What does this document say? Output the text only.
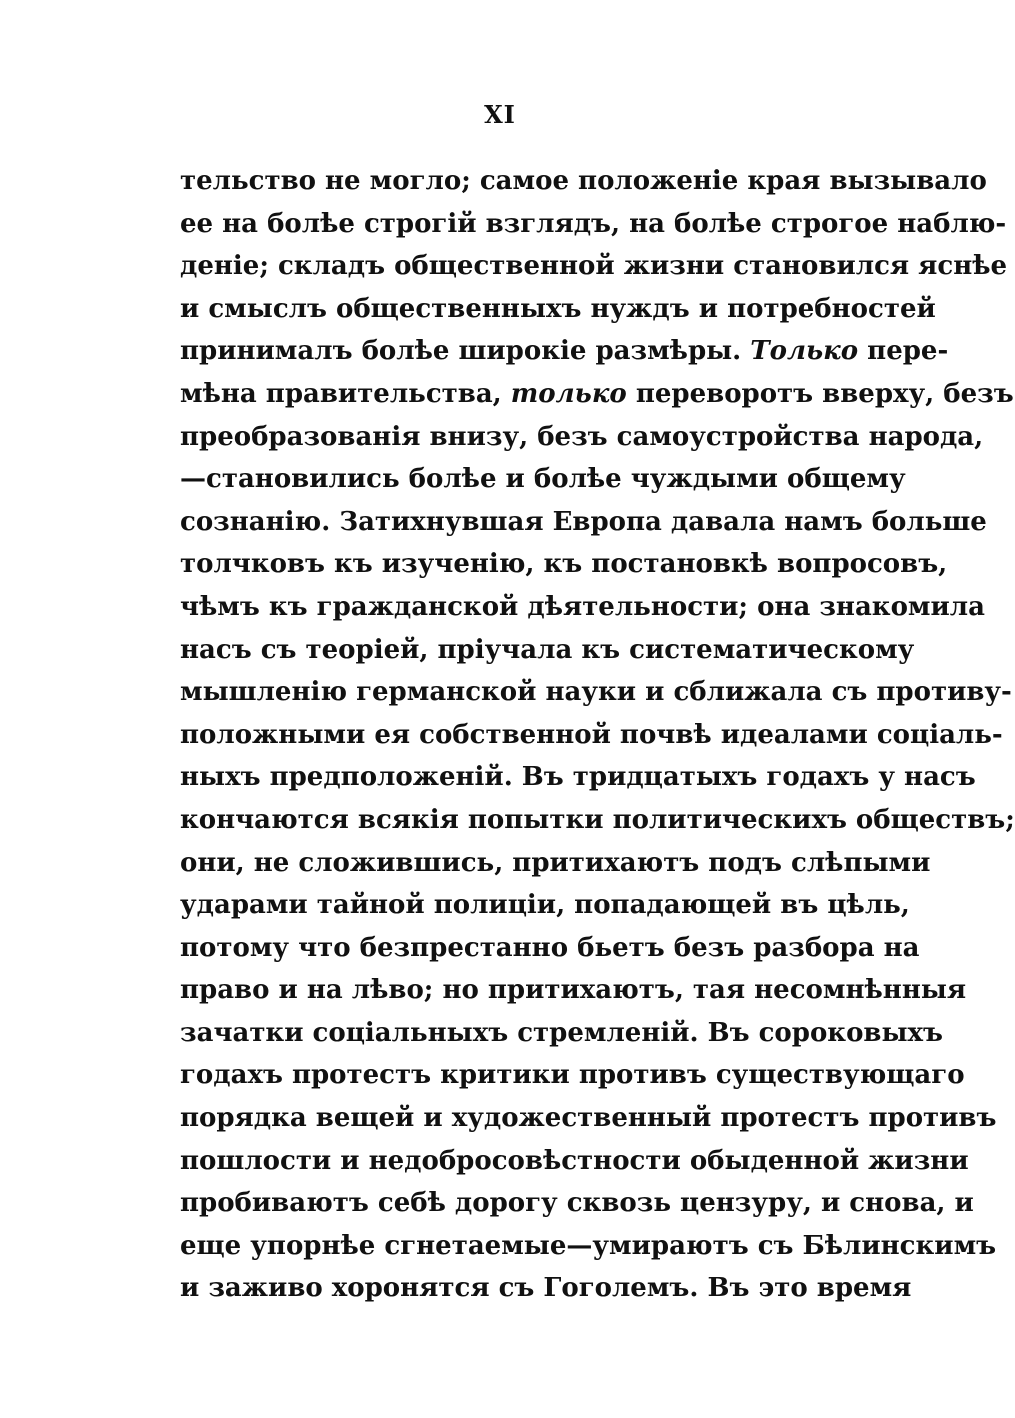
XI
тельство не могло; самое положеніе края вызывало
ее на болѣе строгій взглядъ, на болѣе строгое наблю-
деніе; складъ общественной жизни становился яснѣе
и смыслъ общественныхъ нуждъ и потребностей
принималъ болѣе широкіе размѣры. Только пере-
мѣна правительства, только переворотъ вверху, безъ
преобразованія внизу, безъ самоустройства народа,
—становились болѣе и болѣе чуждыми общему
сознанію. Затихнувшая Европа давала намъ больше
толчковъ къ изученію, къ постановкѣ вопросовъ,
чѣмъ къ гражданской дѣятельности; она знакомила
насъ съ теоріей, пріучала къ систематическому
мышленію германской науки и сближала съ противу-
положными ея собственной почвѣ идеалами соціаль-
ныхъ предположеній. Въ тридцатыхъ годахъ у насъ
кончаются всякія попытки политическихъ обществъ;
они, не сложившись, притихаютъ подъ слѣпыми
ударами тайной полиціи, попадающей въ цѣль,
потому что безпрестанно бьетъ безъ разбора на
право и на лѣво; но притихаютъ, тая несомнѣнныя
зачатки соціальныхъ стремленій. Въ сороковыхъ
годахъ протестъ критики противъ существующаго
порядка вещей и художественный протестъ противъ
пошлости и недобросовѣстности обыденной жизни
пробиваютъ себѣ дорогу сквозь цензуру, и снова, и
еще упорнѣе сгнетаемые—умираютъ съ Бѣлинскимъ
и заживо хоронятся съ Гоголемъ. Въ это время
